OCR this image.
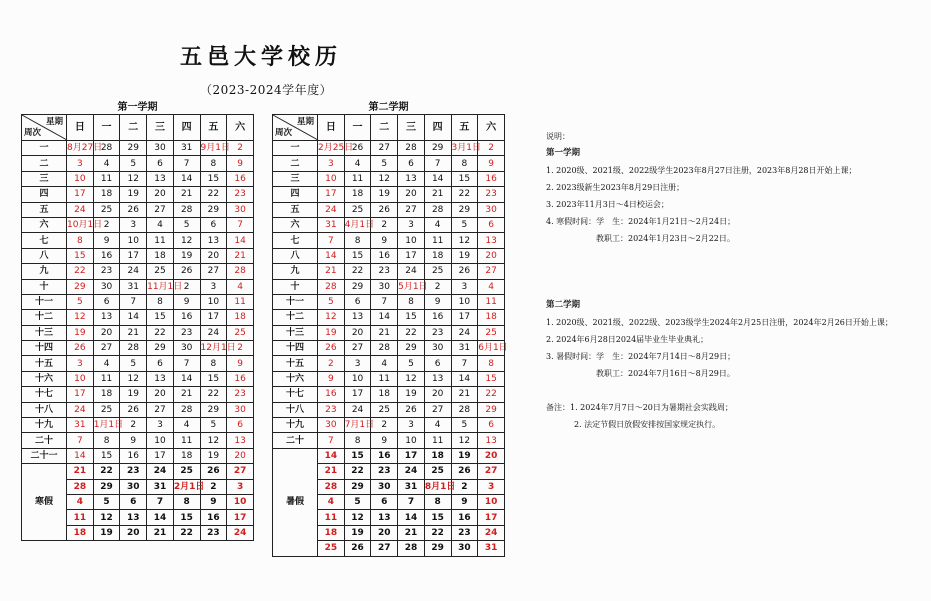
五邑大学校历
（2023-2024学年度）
第一学期
星期
周次	日	一	二	三	四	五	六
一	8月27日	28	29	30	31	9月1日	2
二	3	4	5	6	7	8	9
三	10	11	12	13	14	15	16
四	17	18	19	20	21	22	23
五	24	25	26	27	28	29	30
六	10月1日	2	3	4	5	6	7
七	8	9	10	11	12	13	14
八	15	16	17	18	19	20	21
九	22	23	24	25	26	27	28
十	29	30	31	11月1日	2	3	4
十一	5	6	7	8	9	10	11
十二	12	13	14	15	16	17	18
十三	19	20	21	22	23	24	25
十四	26	27	28	29	30	12月1日	2
十五	3	4	5	6	7	8	9
十六	10	11	12	13	14	15	16
十七	17	18	19	20	21	22	23
十八	24	25	26	27	28	29	30
十九	31	1月1日	2	3	4	5	6
二十	7	8	9	10	11	12	13
二十一	14	15	16	17	18	19	20
寒假	21	22	23	24	25	26	27
	28	29	30	31	2月1日	2	3
	4	5	6	7	8	9	10
	11	12	13	14	15	16	17
	18	19	20	21	22	23	24
第二学期
星期
周次	日	一	二	三	四	五	六
一	2月25日	26	27	28	29	3月1日	2
二	3	4	5	6	7	8	9
三	10	11	12	13	14	15	16
四	17	18	19	20	21	22	23
五	24	25	26	27	28	29	30
六	31	4月1日	2	3	4	5	6
七	7	8	9	10	11	12	13
八	14	15	16	17	18	19	20
九	21	22	23	24	25	26	27
十	28	29	30	5月1日	2	3	4
十一	5	6	7	8	9	10	11
十二	12	13	14	15	16	17	18
十三	19	20	21	22	23	24	25
十四	26	27	28	29	30	31	6月1日
十五	2	3	4	5	6	7	8
十六	9	10	11	12	13	14	15
十七	16	17	18	19	20	21	22
十八	23	24	25	26	27	28	29
十九	30	7月1日	2	3	4	5	6
二十	7	8	9	10	11	12	13
暑假	14	15	16	17	18	19	20
	21	22	23	24	25	26	27
	28	29	30	31	8月1日	2	3
	4	5	6	7	8	9	10
	11	12	13	14	15	16	17
	18	19	20	21	22	23	24
	25	26	27	28	29	30	31
说明：
第一学期
1. 2020级、2021级、2022级学生2023年8月27日注册，2023年8月28日开始上课；
2. 2023级新生2023年8月29日注册；
3. 2023年11月3日～4日校运会；
4. 寒假时间：学　生：2024年1月21日～2月24日；
教职工：2024年1月23日～2月22日。
第二学期
1. 2020级、2021级、2022级、2023级学生2024年2月25日注册，2024年2月26日开始上课；
2. 2024年6月28日2024届毕业生毕业典礼；
3. 暑假时间：学　生：2024年7月14日～8月29日；
教职工：2024年7月16日～8月29日。
备注：1. 2024年7月7日～20日为暑期社会实践周；
2. 法定节假日放假安排按国家规定执行。
